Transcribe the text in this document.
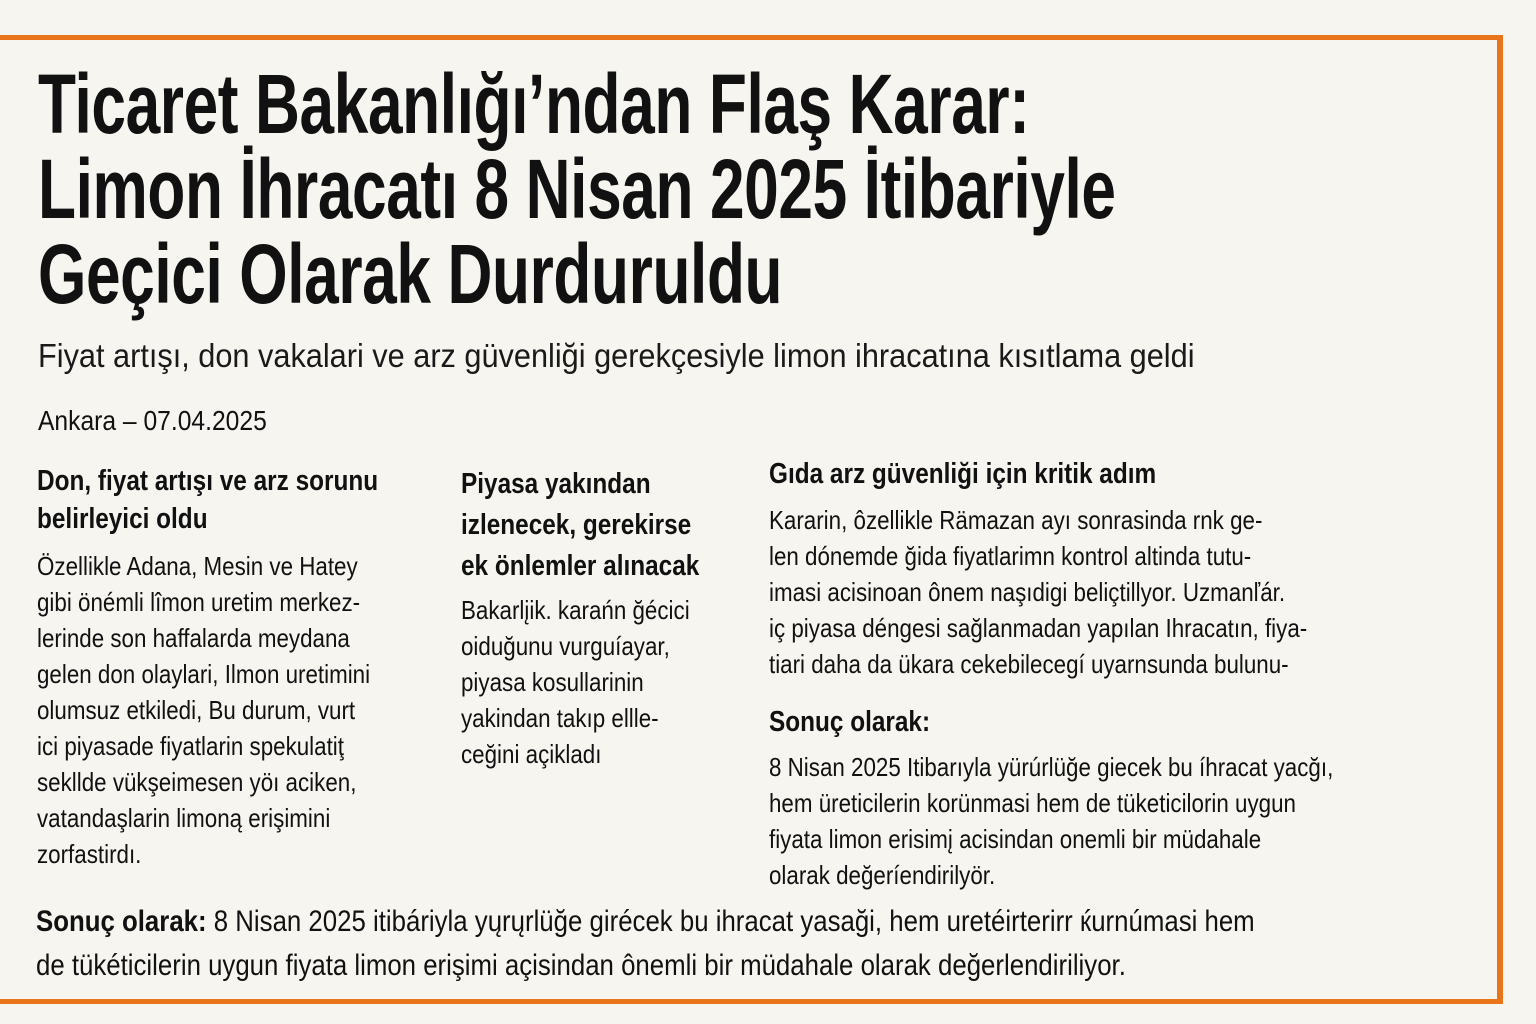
Ticaret Bakanlığı’ndan Flaş Karar:
Limon İhracatı 8 Nisan 2025 İtibariyle
Geçici Olarak Durduruldu
Fiyat artışı, don vakalari ve arz güvenliği gerekçesiyle limon ihracatına kısıtlama geldi
Ankara – 07.04.2025
Don, fiyat artışı ve arz sorunu
belirleyici oldu
Özellikle Adana, Mesin ve Hatey
gibi önémli lîmon uretim merkez-
lerinde son haffalarda meydana
gelen don olaylari, Ilmon uretimini
olumsuz etkiledi, Bu durum, vurt
ici piyasade fiyatlarin spekulatiţ
sekllde vükşeimesen yöı aciken,
vatandaşlarin limoną erişimini
zorfastirdı.
Piyasa yakından
izlenecek, gerekirse
ek önlemler alınacak
Bakarlįik. karańn ğécici
oiduğunu vurguíayar,
piyasa kosullarinin
yakindan takıp ellle-
ceğini açikladı
Gıda arz güvenliği için kritik adım
Kararin, ôzellikle Rämazan ayı sonrasinda rnk ge-
len dónemde ğida fiyatlarimn kontrol altinda tutu-
imasi acisinoan ônem naşıdigi beliçtillyor. Uzmanľár.
iç piyasa déngesi sağlanmadan yapılan Ihracatın, fiya-
tiari daha da ükara cekebilecegí uyarnsunda bulunu-
Sonuç olarak:
8 Nisan 2025 Itibarıyla yürúrlüğe giecek bu íhracat yaсğı,
hem üreticilerin korünmasi hem de tüketicilorin uygun
fiyata limon erisimį acisindan onemli bir müdahale
olarak değeríendirilyör.
Sonuç olarak: 8 Nisan 2025 itibáriyla yųrųrlüğe girécek bu ihracat yasaği, hem uretéirterirr ќurnúmasi hem
de tükéticilerin uygun fiyata limon erişimi açisindan ônemli bir müdahale olarak değerlendiriliyor.
